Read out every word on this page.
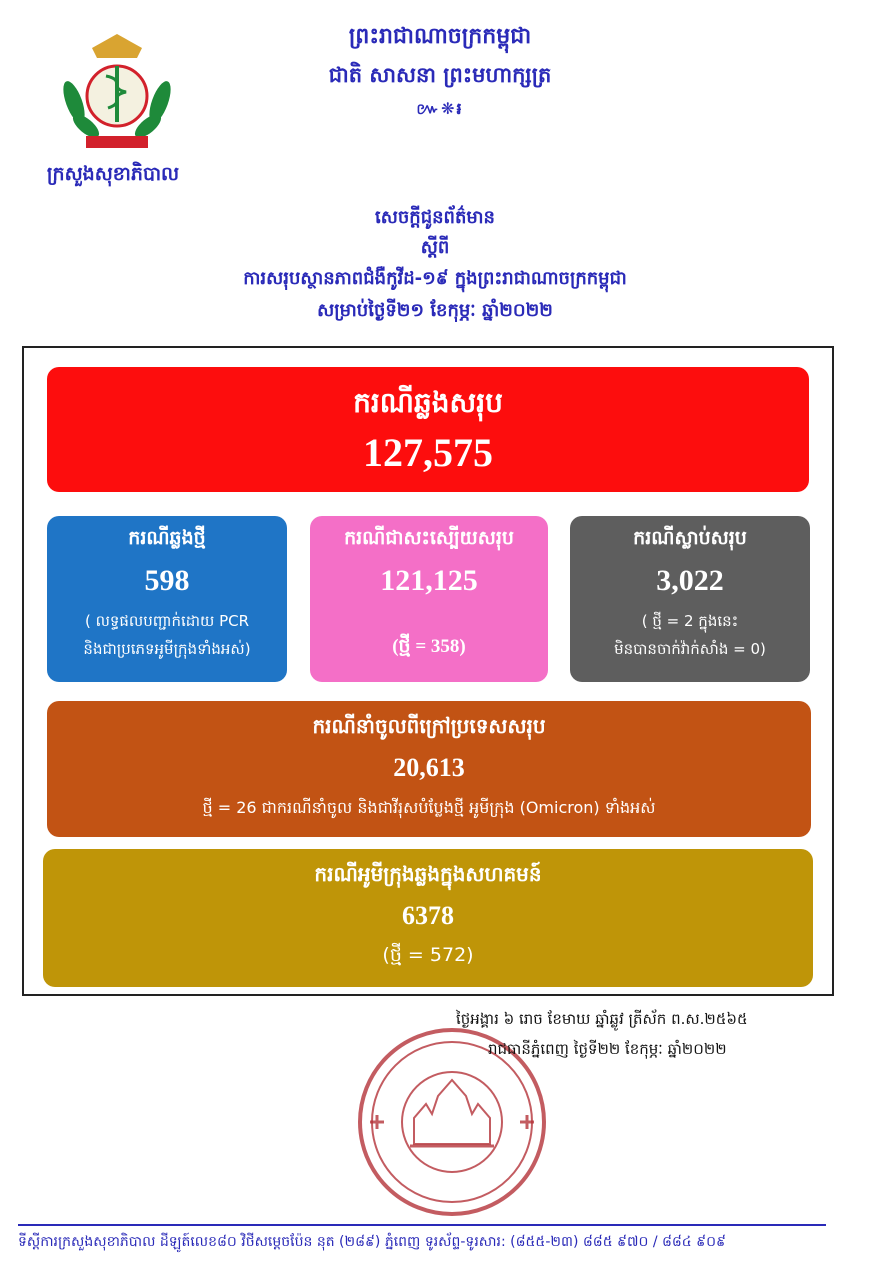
ក្រសួងសុខាភិបាល
ព្រះរាជាណាចក្រកម្ពុជា
ជាតិ សាសនា ព្រះមហាក្សត្រ
៚❋៛
សេចក្ដីជូនព័ត៌មាន
ស្ដីពី
ការសរុបស្ថានភាពជំងឺកូវីដ-១៩ ក្នុងព្រះរាជាណាចក្រកម្ពុជា
សម្រាប់ថ្ងៃទី២១ ខែកុម្ភៈ ឆ្នាំ២០២២
ករណីឆ្លងសរុប
127,575
ករណីឆ្លងថ្មី
598
( លទ្ធផលបញ្ជាក់ដោយ PCR
និងជាប្រភេទអូមីក្រុងទាំងអស់)
ករណីជាសះស្បើយសរុប
121,125
(ថ្មី = 358)
ករណីស្លាប់សរុប
3,022
( ថ្មី = 2 ក្នុងនេះ
មិនបានចាក់វ៉ាក់សាំង = 0)
ករណីនាំចូលពីក្រៅប្រទេសសរុប
20,613
ថ្មី = 26 ជាករណីនាំចូល និងជាវីរុសបំប្លែងថ្មី អូមីក្រុង (Omicron) ទាំងអស់
ករណីអូមីក្រុងឆ្លងក្នុងសហគមន៍
6378
(ថ្មី = 572)
ថ្ងៃអង្គារ ៦ រោច ខែមាឃ ឆ្នាំឆ្លូវ ត្រីស័ក ព.ស.២៥៦៥
រាជធានីភ្នំពេញ ថ្ងៃទី២២ ខែកុម្ភៈ ឆ្នាំ២០២២
ទីស្ដីការក្រសួងសុខាភិបាល ដីឡូត៍លេខ៨០ វិថីសម្ដេចប៉ែន នុត (២៨៩) ភ្នំពេញ ទូរស័ព្ទ-ទូរសារ: (៨៥៥-២៣) ៨៨៥ ៩៧០ / ៨៨៤ ៩០៩
